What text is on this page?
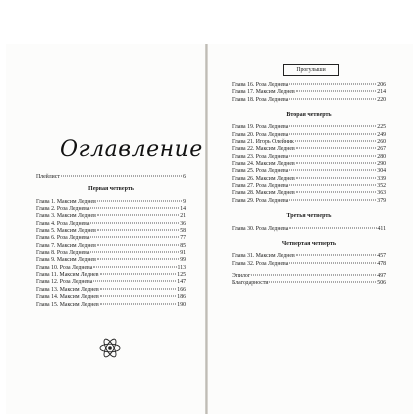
Оглавление
Плейлист	6
Первая четверть
Глава 1. Максим Леднев	9
Глава 2. Роза Леднева	14
Глава 3. Максим Леднев	21
Глава 4. Роза Леднева	36
Глава 5. Максим Леднев	58
Глава 6. Роза Леднева	77
Глава 7. Максим Леднев	85
Глава 8. Роза Леднева	91
Глава 9. Максим Леднев	99
Глава 10. Роза Леднева	113
Глава 11. Максим Леднев	125
Глава 12. Роза Леднева	147
Глава 13. Максим Леднев	166
Глава 14. Максим Леднев	186
Глава 15. Максим Леднев	190
Прогулыши
Глава 16. Роза Леднева	206
Глава 17. Максим Леднев	214
Глава 18. Роза Леднева	220
Вторая четверть
Глава 19. Роза Леднева	225
Глава 20. Роза Леднева	249
Глава 21. Игорь Олейник	260
Глава 22. Максим Леднев	267
Глава 23. Роза Леднева	280
Глава 24. Максим Леднев	290
Глава 25. Роза Леднева	304
Глава 26. Максим Леднев	339
Глава 27. Роза Леднева	352
Глава 28. Максим Леднев	363
Глава 29. Роза Леднева	379
Третья четверть
Глава 30. Роза Леднева	411
Четвертая четверть
Глава 31. Максим Леднев	457
Глава 32. Роза Леднева	478
Эпилог	497
Благодарности	506
